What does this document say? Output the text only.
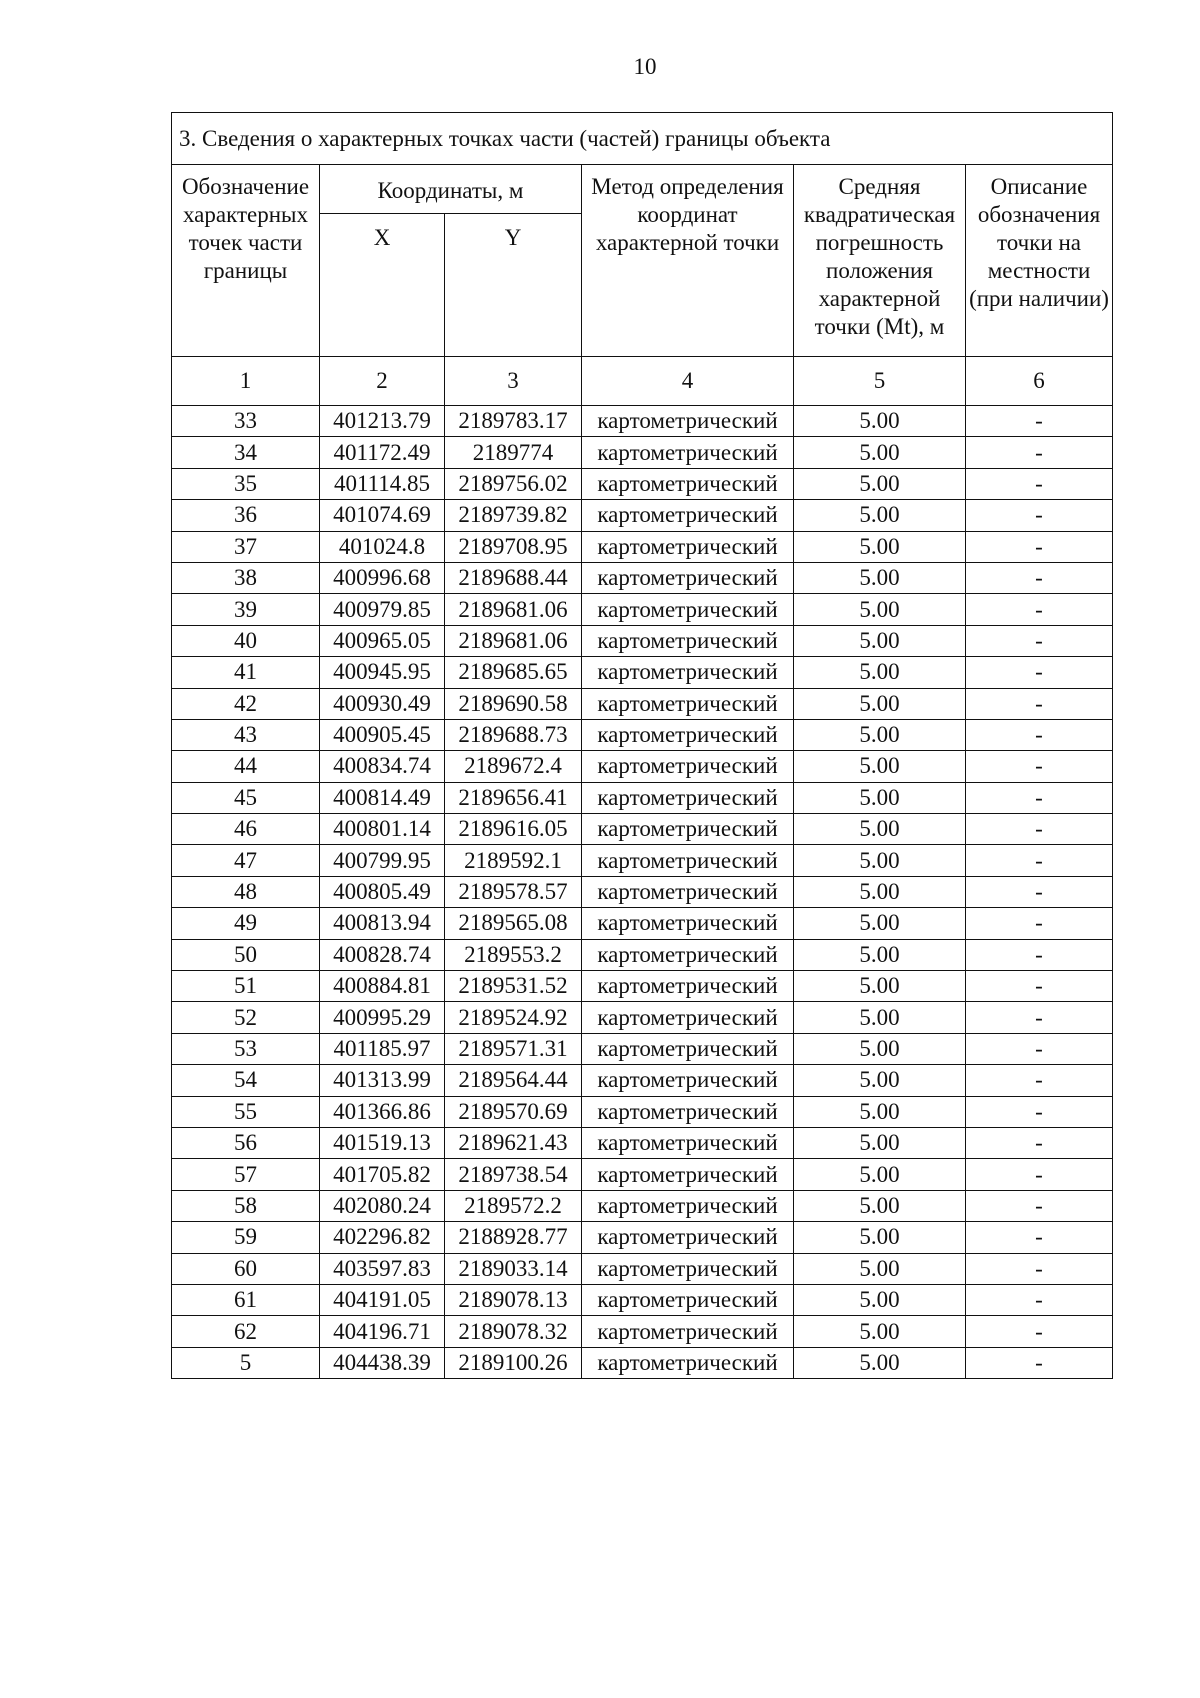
10
3. Сведения о характерных точках части (частей) границы объекта					
Обозначение характерных точек части границы	Координаты, м		Метод определения координат характерной точки	Средняя квадратическая погрешность положения характерной точки (Mt), м	Описание обозначения точки на местности (при наличии)
	X	Y			
1	2	3	4	5	6
33	401213.79	2189783.17	картометрический	5.00	-
34	401172.49	2189774	картометрический	5.00	-
35	401114.85	2189756.02	картометрический	5.00	-
36	401074.69	2189739.82	картометрический	5.00	-
37	401024.8	2189708.95	картометрический	5.00	-
38	400996.68	2189688.44	картометрический	5.00	-
39	400979.85	2189681.06	картометрический	5.00	-
40	400965.05	2189681.06	картометрический	5.00	-
41	400945.95	2189685.65	картометрический	5.00	-
42	400930.49	2189690.58	картометрический	5.00	-
43	400905.45	2189688.73	картометрический	5.00	-
44	400834.74	2189672.4	картометрический	5.00	-
45	400814.49	2189656.41	картометрический	5.00	-
46	400801.14	2189616.05	картометрический	5.00	-
47	400799.95	2189592.1	картометрический	5.00	-
48	400805.49	2189578.57	картометрический	5.00	-
49	400813.94	2189565.08	картометрический	5.00	-
50	400828.74	2189553.2	картометрический	5.00	-
51	400884.81	2189531.52	картометрический	5.00	-
52	400995.29	2189524.92	картометрический	5.00	-
53	401185.97	2189571.31	картометрический	5.00	-
54	401313.99	2189564.44	картометрический	5.00	-
55	401366.86	2189570.69	картометрический	5.00	-
56	401519.13	2189621.43	картометрический	5.00	-
57	401705.82	2189738.54	картометрический	5.00	-
58	402080.24	2189572.2	картометрический	5.00	-
59	402296.82	2188928.77	картометрический	5.00	-
60	403597.83	2189033.14	картометрический	5.00	-
61	404191.05	2189078.13	картометрический	5.00	-
62	404196.71	2189078.32	картометрический	5.00	-
5	404438.39	2189100.26	картометрический	5.00	-
